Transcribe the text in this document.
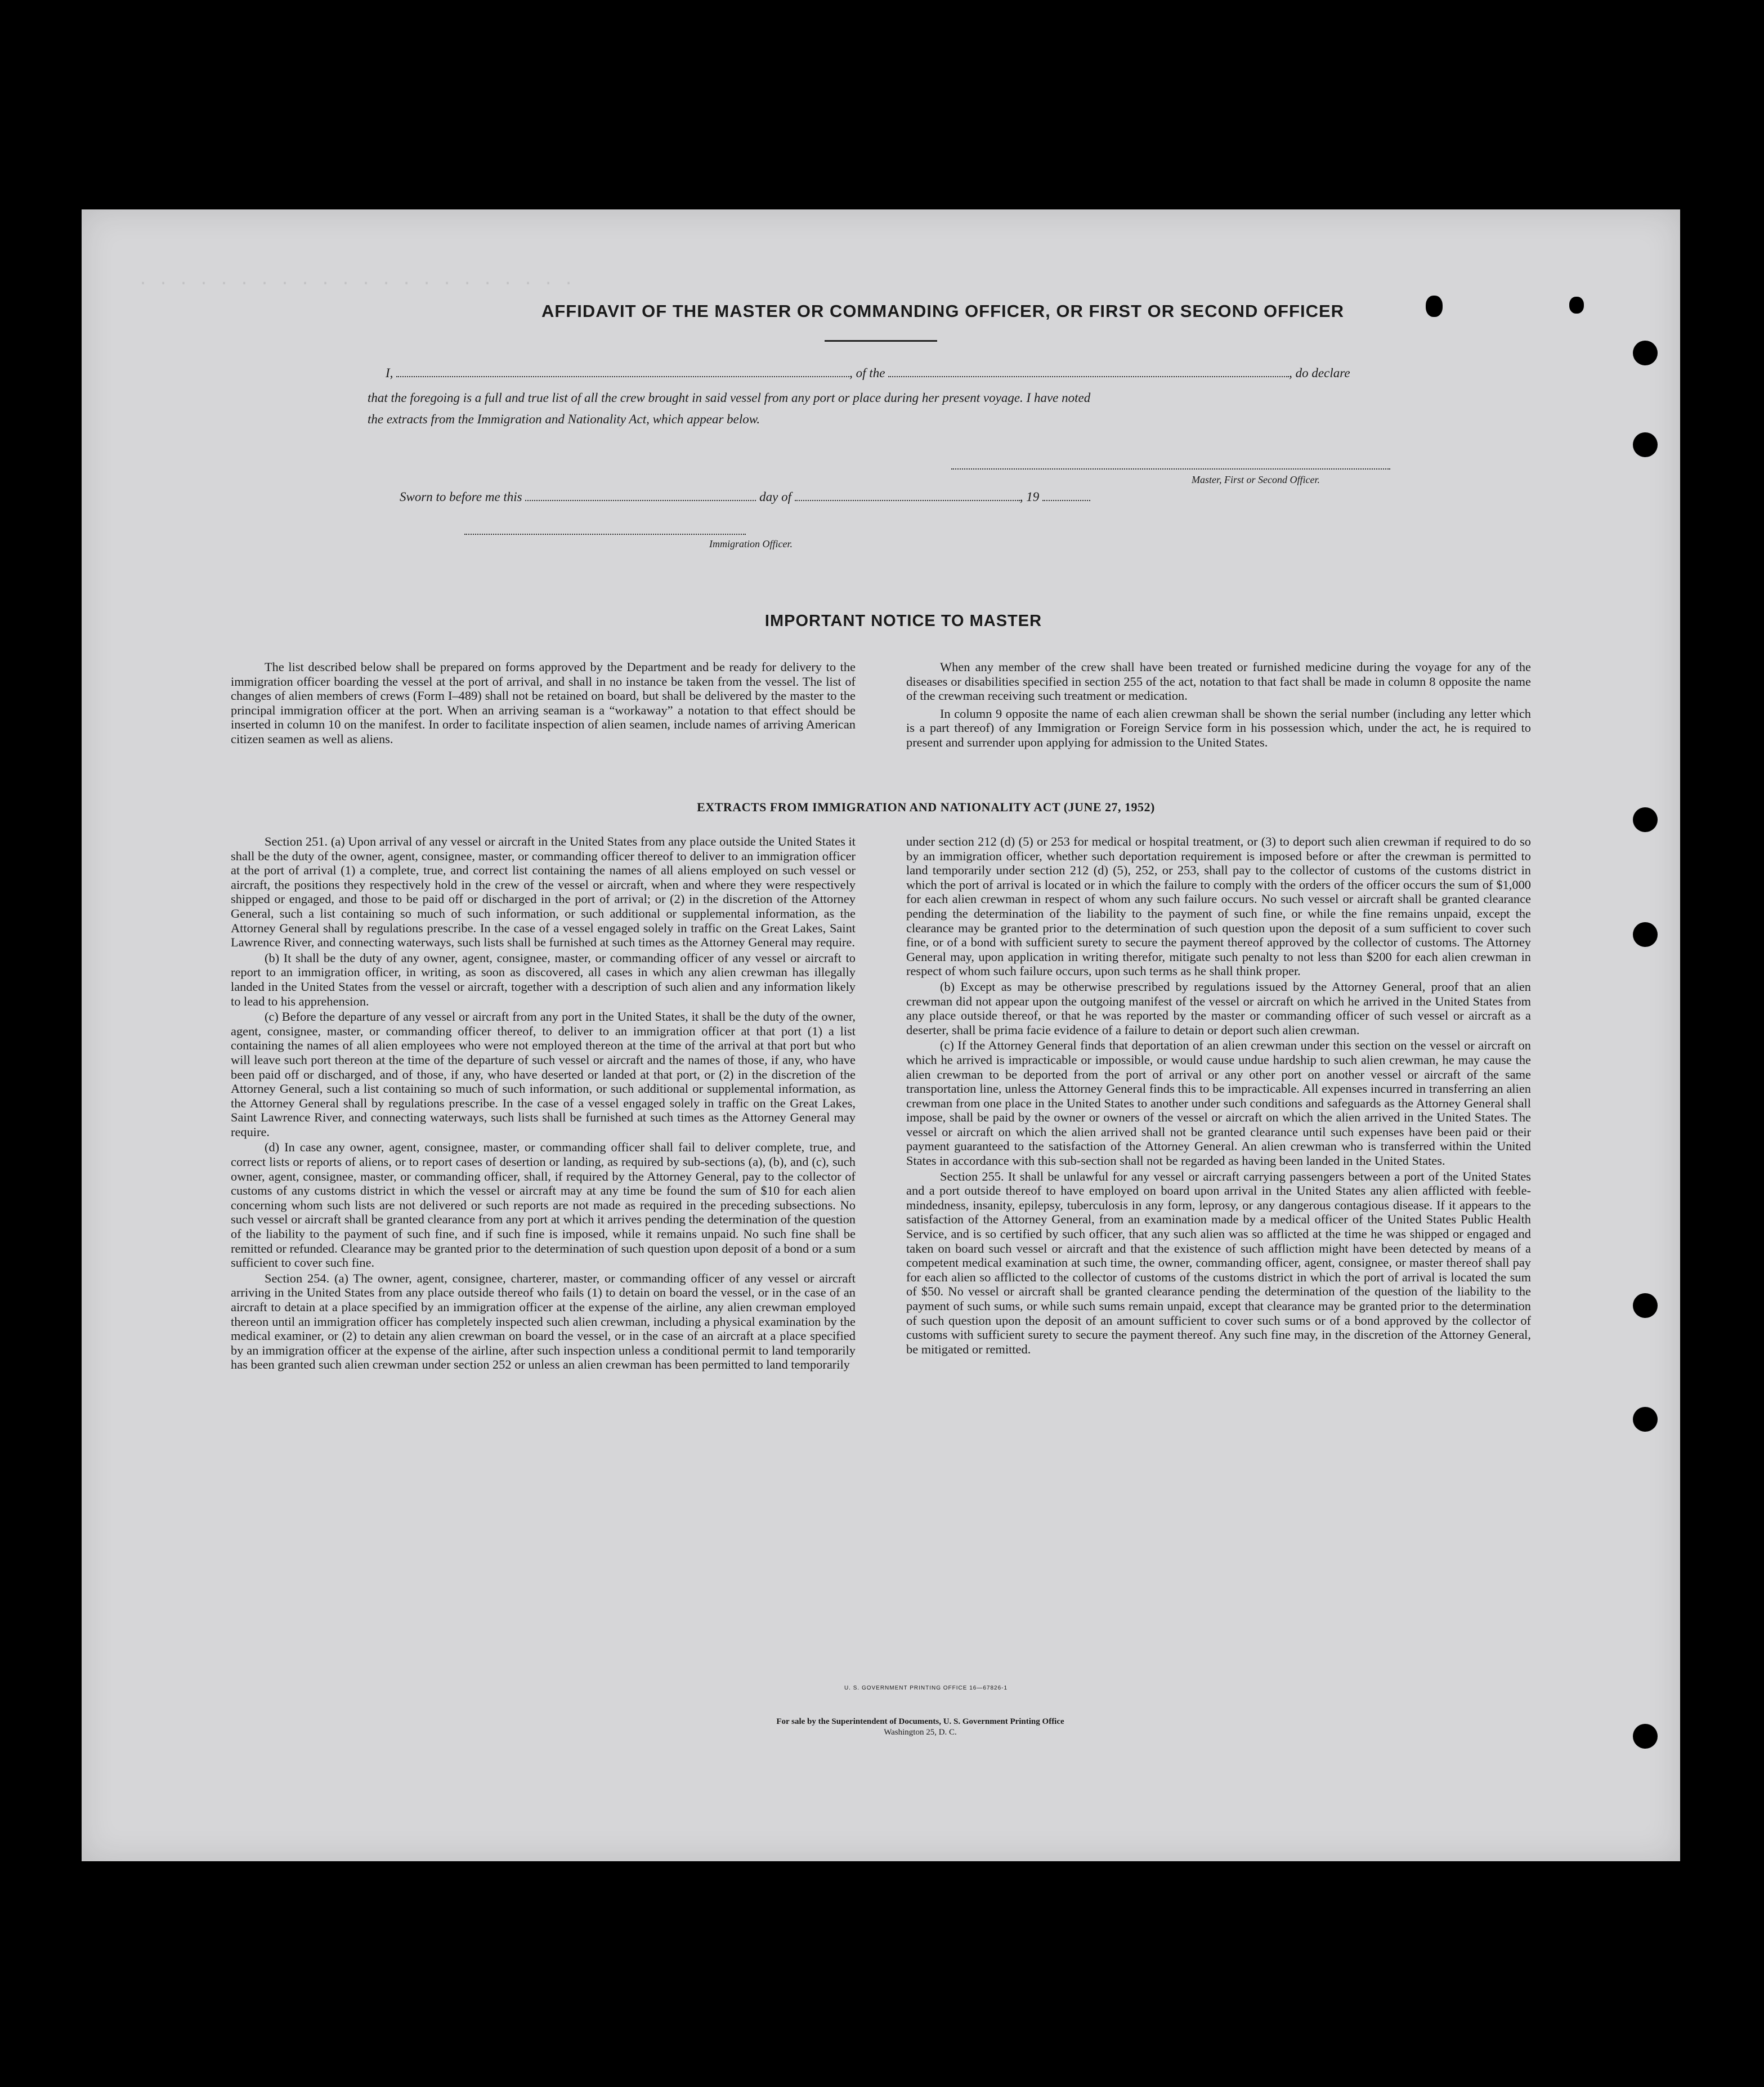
· · · · · · · · · · · · · · · · · · · · · ·
AFFIDAVIT OF THE MASTER OR COMMANDING OFFICER, OR FIRST OR SECOND OFFICER
I,	, of the	, do declare
that the foregoing is a full and true list of all the crew brought in said vessel from any port or place during her present voyage. I have noted
the extracts from the Immigration and Nationality Act, which appear below.
Master, First or Second Officer.
Sworn to before me this	day of	, 19
Immigration Officer.
IMPORTANT NOTICE TO MASTER

The list described below shall be prepared on forms approved by the Department and be ready for delivery to the immigration officer boarding the vessel at the port of arrival, and shall in no instance be taken from the vessel. The list of changes of alien members of crews (Form I–489) shall not be retained on board, but shall be delivered by the master to the principal immigration officer at the port. When an arriving seaman is a “workaway” a notation to that effect should be inserted in column 10 on the manifest. In order to facilitate inspection of alien seamen, include names of arriving American citizen seamen as well as aliens.

When any member of the crew shall have been treated or furnished medicine during the voyage for any of the diseases or disabilities specified in section 255 of the act, notation to that fact shall be made in column 8 opposite the name of the crewman receiving such treatment or medication.

In column 9 opposite the name of each alien crewman shall be shown the serial number (including any letter which is a part thereof) of any Immigration or Foreign Service form in his possession which, under the act, he is required to present and surrender upon applying for admission to the United States.

EXTRACTS FROM IMMIGRATION AND NATIONALITY ACT (JUNE 27, 1952)

Section 251. (a) Upon arrival of any vessel or aircraft in the United States from any place outside the United States it shall be the duty of the owner, agent, consignee, master, or commanding officer thereof to deliver to an immigration officer at the port of arrival (1) a complete, true, and correct list containing the names of all aliens employed on such vessel or aircraft, the positions they respectively hold in the crew of the vessel or aircraft, when and where they were respectively shipped or engaged, and those to be paid off or discharged in the port of arrival; or (2) in the discretion of the Attorney General, such a list containing so much of such information, or such additional or supplemental information, as the Attorney General shall by regulations prescribe. In the case of a vessel engaged solely in traffic on the Great Lakes, Saint Lawrence River, and connecting waterways, such lists shall be furnished at such times as the Attorney General may require.

(b) It shall be the duty of any owner, agent, consignee, master, or commanding officer of any vessel or aircraft to report to an immigration officer, in writing, as soon as discovered, all cases in which any alien crewman has illegally landed in the United States from the vessel or aircraft, together with a description of such alien and any information likely to lead to his apprehension.

(c) Before the departure of any vessel or aircraft from any port in the United States, it shall be the duty of the owner, agent, consignee, master, or commanding officer thereof, to deliver to an immigration officer at that port (1) a list containing the names of all alien employees who were not employed thereon at the time of the arrival at that port but who will leave such port thereon at the time of the departure of such vessel or aircraft and the names of those, if any, who have been paid off or discharged, and of those, if any, who have deserted or landed at that port, or (2) in the discretion of the Attorney General, such a list containing so much of such information, or such additional or supplemental information, as the Attorney General shall by regulations prescribe. In the case of a vessel engaged solely in traffic on the Great Lakes, Saint Lawrence River, and connecting waterways, such lists shall be furnished at such times as the Attorney General may require.

(d) In case any owner, agent, consignee, master, or commanding officer shall fail to deliver complete, true, and correct lists or reports of aliens, or to report cases of desertion or landing, as required by sub-sections (a), (b), and (c), such owner, agent, consignee, master, or commanding officer, shall, if required by the Attorney General, pay to the collector of customs of any customs district in which the vessel or aircraft may at any time be found the sum of $10 for each alien concerning whom such lists are not delivered or such reports are not made as required in the preceding subsections. No such vessel or aircraft shall be granted clearance from any port at which it arrives pending the determination of the question of the liability to the payment of such fine, and if such fine is imposed, while it remains unpaid. No such fine shall be remitted or refunded. Clearance may be granted prior to the determination of such question upon deposit of a bond or a sum sufficient to cover such fine.

Section 254. (a) The owner, agent, consignee, charterer, master, or commanding officer of any vessel or aircraft arriving in the United States from any place outside thereof who fails (1) to detain on board the vessel, or in the case of an aircraft to detain at a place specified by an immigration officer at the expense of the airline, any alien crewman employed thereon until an immigration officer has completely inspected such alien crewman, including a physical examination by the medical examiner, or (2) to detain any alien crewman on board the vessel, or in the case of an aircraft at a place specified by an immigration officer at the expense of the airline, after such inspection unless a conditional permit to land temporarily has been granted such alien crewman under section 252 or unless an alien crewman has been permitted to land temporarily

under section 212 (d) (5) or 253 for medical or hospital treatment, or (3) to deport such alien crewman if required to do so by an immigration officer, whether such deportation requirement is imposed before or after the crewman is permitted to land temporarily under section 212 (d) (5), 252, or 253, shall pay to the collector of customs of the customs district in which the port of arrival is located or in which the failure to comply with the orders of the officer occurs the sum of $1,000 for each alien crewman in respect of whom any such failure occurs. No such vessel or aircraft shall be granted clearance pending the determination of the liability to the payment of such fine, or while the fine remains unpaid, except the clearance may be granted prior to the determination of such question upon the deposit of a sum sufficient to cover such fine, or of a bond with sufficient surety to secure the payment thereof approved by the collector of customs. The Attorney General may, upon application in writing therefor, mitigate such penalty to not less than $200 for each alien crewman in respect of whom such failure occurs, upon such terms as he shall think proper.

(b) Except as may be otherwise prescribed by regulations issued by the Attorney General, proof that an alien crewman did not appear upon the outgoing manifest of the vessel or aircraft on which he arrived in the United States from any place outside thereof, or that he was reported by the master or commanding officer of such vessel or aircraft as a deserter, shall be prima facie evidence of a failure to detain or deport such alien crewman.

(c) If the Attorney General finds that deportation of an alien crewman under this section on the vessel or aircraft on which he arrived is impracticable or impossible, or would cause undue hardship to such alien crewman, he may cause the alien crewman to be deported from the port of arrival or any other port on another vessel or aircraft of the same transportation line, unless the Attorney General finds this to be impracticable. All expenses incurred in transferring an alien crewman from one place in the United States to another under such conditions and safeguards as the Attorney General shall impose, shall be paid by the owner or owners of the vessel or aircraft on which the alien arrived in the United States. The vessel or aircraft on which the alien arrived shall not be granted clearance until such expenses have been paid or their payment guaranteed to the satisfaction of the Attorney General. An alien crewman who is transferred within the United States in accordance with this sub-section shall not be regarded as having been landed in the United States.

Section 255. It shall be unlawful for any vessel or aircraft carrying passengers between a port of the United States and a port outside thereof to have employed on board upon arrival in the United States any alien afflicted with feeble-mindedness, insanity, epilepsy, tuberculosis in any form, leprosy, or any dangerous contagious disease. If it appears to the satisfaction of the Attorney General, from an examination made by a medical officer of the United States Public Health Service, and is so certified by such officer, that any such alien was so afflicted at the time he was shipped or engaged and taken on board such vessel or aircraft and that the existence of such affliction might have been detected by means of a competent medical examination at such time, the owner, commanding officer, agent, consignee, or master thereof shall pay for each alien so afflicted to the collector of customs of the customs district in which the port of arrival is located the sum of $50. No vessel or aircraft shall be granted clearance pending the determination of the question of the liability to the payment of such sums, or while such sums remain unpaid, except that clearance may be granted prior to the determination of such question upon the deposit of an amount sufficient to cover such sums or of a bond approved by the collector of customs with sufficient surety to secure the payment thereof. Any such fine may, in the discretion of the Attorney General, be mitigated or remitted.

U. S. GOVERNMENT PRINTING OFFICE 16—67826-1
For sale by the Superintendent of Documents, U. S. Government Printing Office
Washington 25, D. C.
